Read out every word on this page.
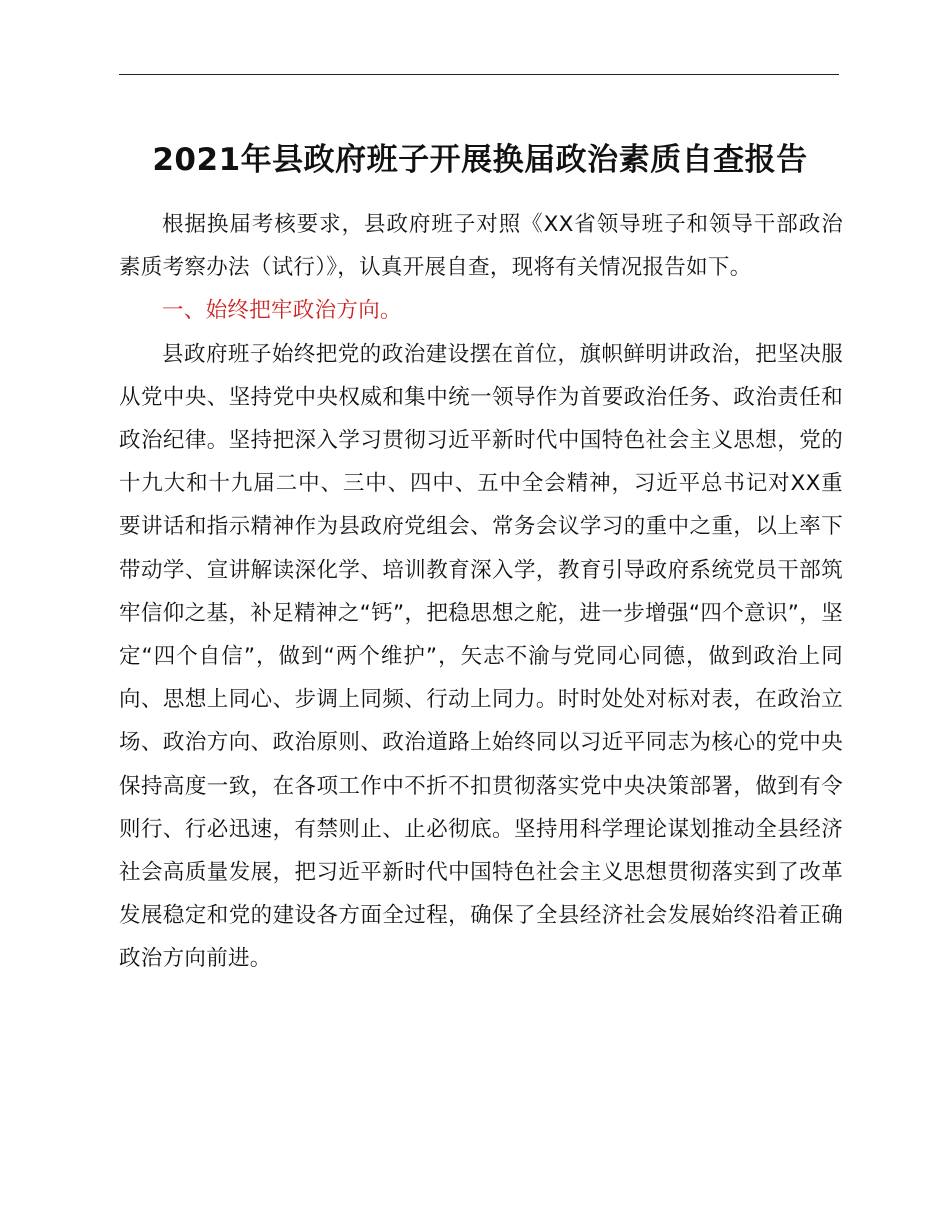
2021年县政府班子开展换届政治素质自查报告

根据换届考核要求，县政府班子对照《XX省领导班子和领导干部政治素质考察办法（试行）》，认真开展自查，现将有关情况报告如下。

一、始终把牢政治方向。

县政府班子始终把党的政治建设摆在首位，旗帜鲜明讲政治，把坚决服从党中央、坚持党中央权威和集中统一领导作为首要政治任务、政治责任和政治纪律。坚持把深入学习贯彻习近平新时代中国特色社会主义思想，党的十九大和十九届二中、三中、四中、五中全会精神，习近平总书记对XX重要讲话和指示精神作为县政府党组会、常务会议学习的重中之重，以上率下带动学、宣讲解读深化学、培训教育深入学，教育引导政府系统党员干部筑牢信仰之基，补足精神之“钙”，把稳思想之舵，进一步增强“四个意识”，坚定“四个自信”，做到“两个维护”，矢志不渝与党同心同德，做到政治上同向、思想上同心、步调上同频、行动上同力。时时处处对标对表，在政治立场、政治方向、政治原则、政治道路上始终同以习近平同志为核心的党中央保持高度一致，在各项工作中不折不扣贯彻落实党中央决策部署，做到有令则行、行必迅速，有禁则止、止必彻底。坚持用科学理论谋划推动全县经济社会高质量发展，把习近平新时代中国特色社会主义思想贯彻落实到了改革发展稳定和党的建设各方面全过程，确保了全县经济社会发展始终沿着正确政治方向前进。
